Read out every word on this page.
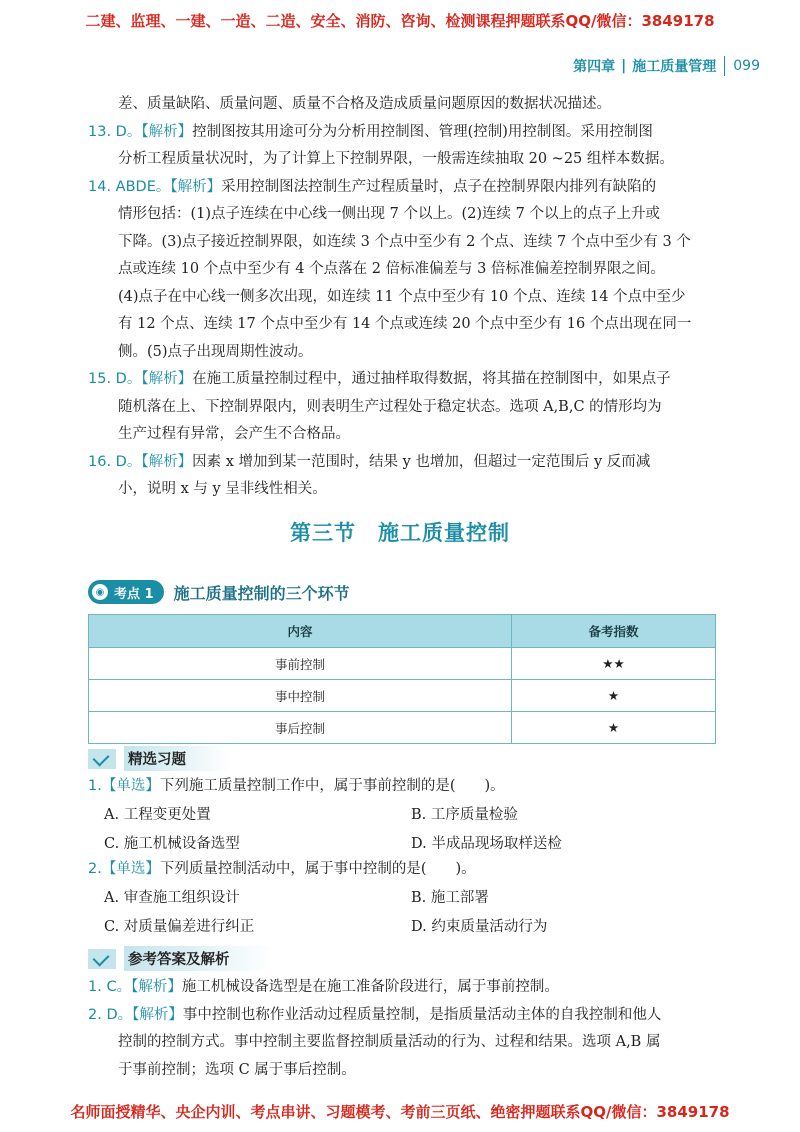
二建、监理、一建、一造、二造、安全、消防、咨询、检测课程押题联系QQ/微信：3849178
第四章 | 施工质量管理 099
差、质量缺陷、质量问题、质量不合格及造成质量问题原因的数据状况描述。
13. D。【解析】控制图按其用途可分为分析用控制图、管理(控制)用控制图。采用控制图
分析工程质量状况时，为了计算上下控制界限，一般需连续抽取 20 ~25 组样本数据。
14. ABDE。【解析】采用控制图法控制生产过程质量时，点子在控制界限内排列有缺陷的
情形包括：(1)点子连续在中心线一侧出现 7 个以上。(2)连续 7 个以上的点子上升或
下降。(3)点子接近控制界限，如连续 3 个点中至少有 2 个点、连续 7 个点中至少有 3 个
点或连续 10 个点中至少有 4 个点落在 2 倍标准偏差与 3 倍标准偏差控制界限之间。
(4)点子在中心线一侧多次出现，如连续 11 个点中至少有 10 个点、连续 14 个点中至少
有 12 个点、连续 17 个点中至少有 14 个点或连续 20 个点中至少有 16 个点出现在同一
侧。(5)点子出现周期性波动。
15. D。【解析】在施工质量控制过程中，通过抽样取得数据，将其描在控制图中，如果点子
随机落在上、下控制界限内，则表明生产过程处于稳定状态。选项 A,B,C 的情形均为
生产过程有异常，会产生不合格品。
16. D。【解析】因素 x 增加到某一范围时，结果 y 也增加，但超过一定范围后 y 反而减
小，说明 x 与 y 呈非线性相关。
第三节　施工质量控制
◉ 考点 1 施工质量控制的三个环节
内容	备考指数
事前控制	★★
事中控制	★
事后控制	★
精选习题
1.【单选】下列施工质量控制工作中，属于事前控制的是(　　)。
A. 工程变更处置	B. 工序质量检验
C. 施工机械设备选型	D. 半成品现场取样送检
2.【单选】下列质量控制活动中，属于事中控制的是(　　)。
A. 审查施工组织设计	B. 施工部署
C. 对质量偏差进行纠正	D. 约束质量活动行为
参考答案及解析
1. C。【解析】施工机械设备选型是在施工准备阶段进行，属于事前控制。
2. D。【解析】事中控制也称作业活动过程质量控制，是指质量活动主体的自我控制和他人
控制的控制方式。事中控制主要监督控制质量活动的行为、过程和结果。选项 A,B 属
于事前控制；选项 C 属于事后控制。
名师面授精华、央企内训、考点串讲、习题模考、考前三页纸、绝密押题联系QQ/微信：3849178
